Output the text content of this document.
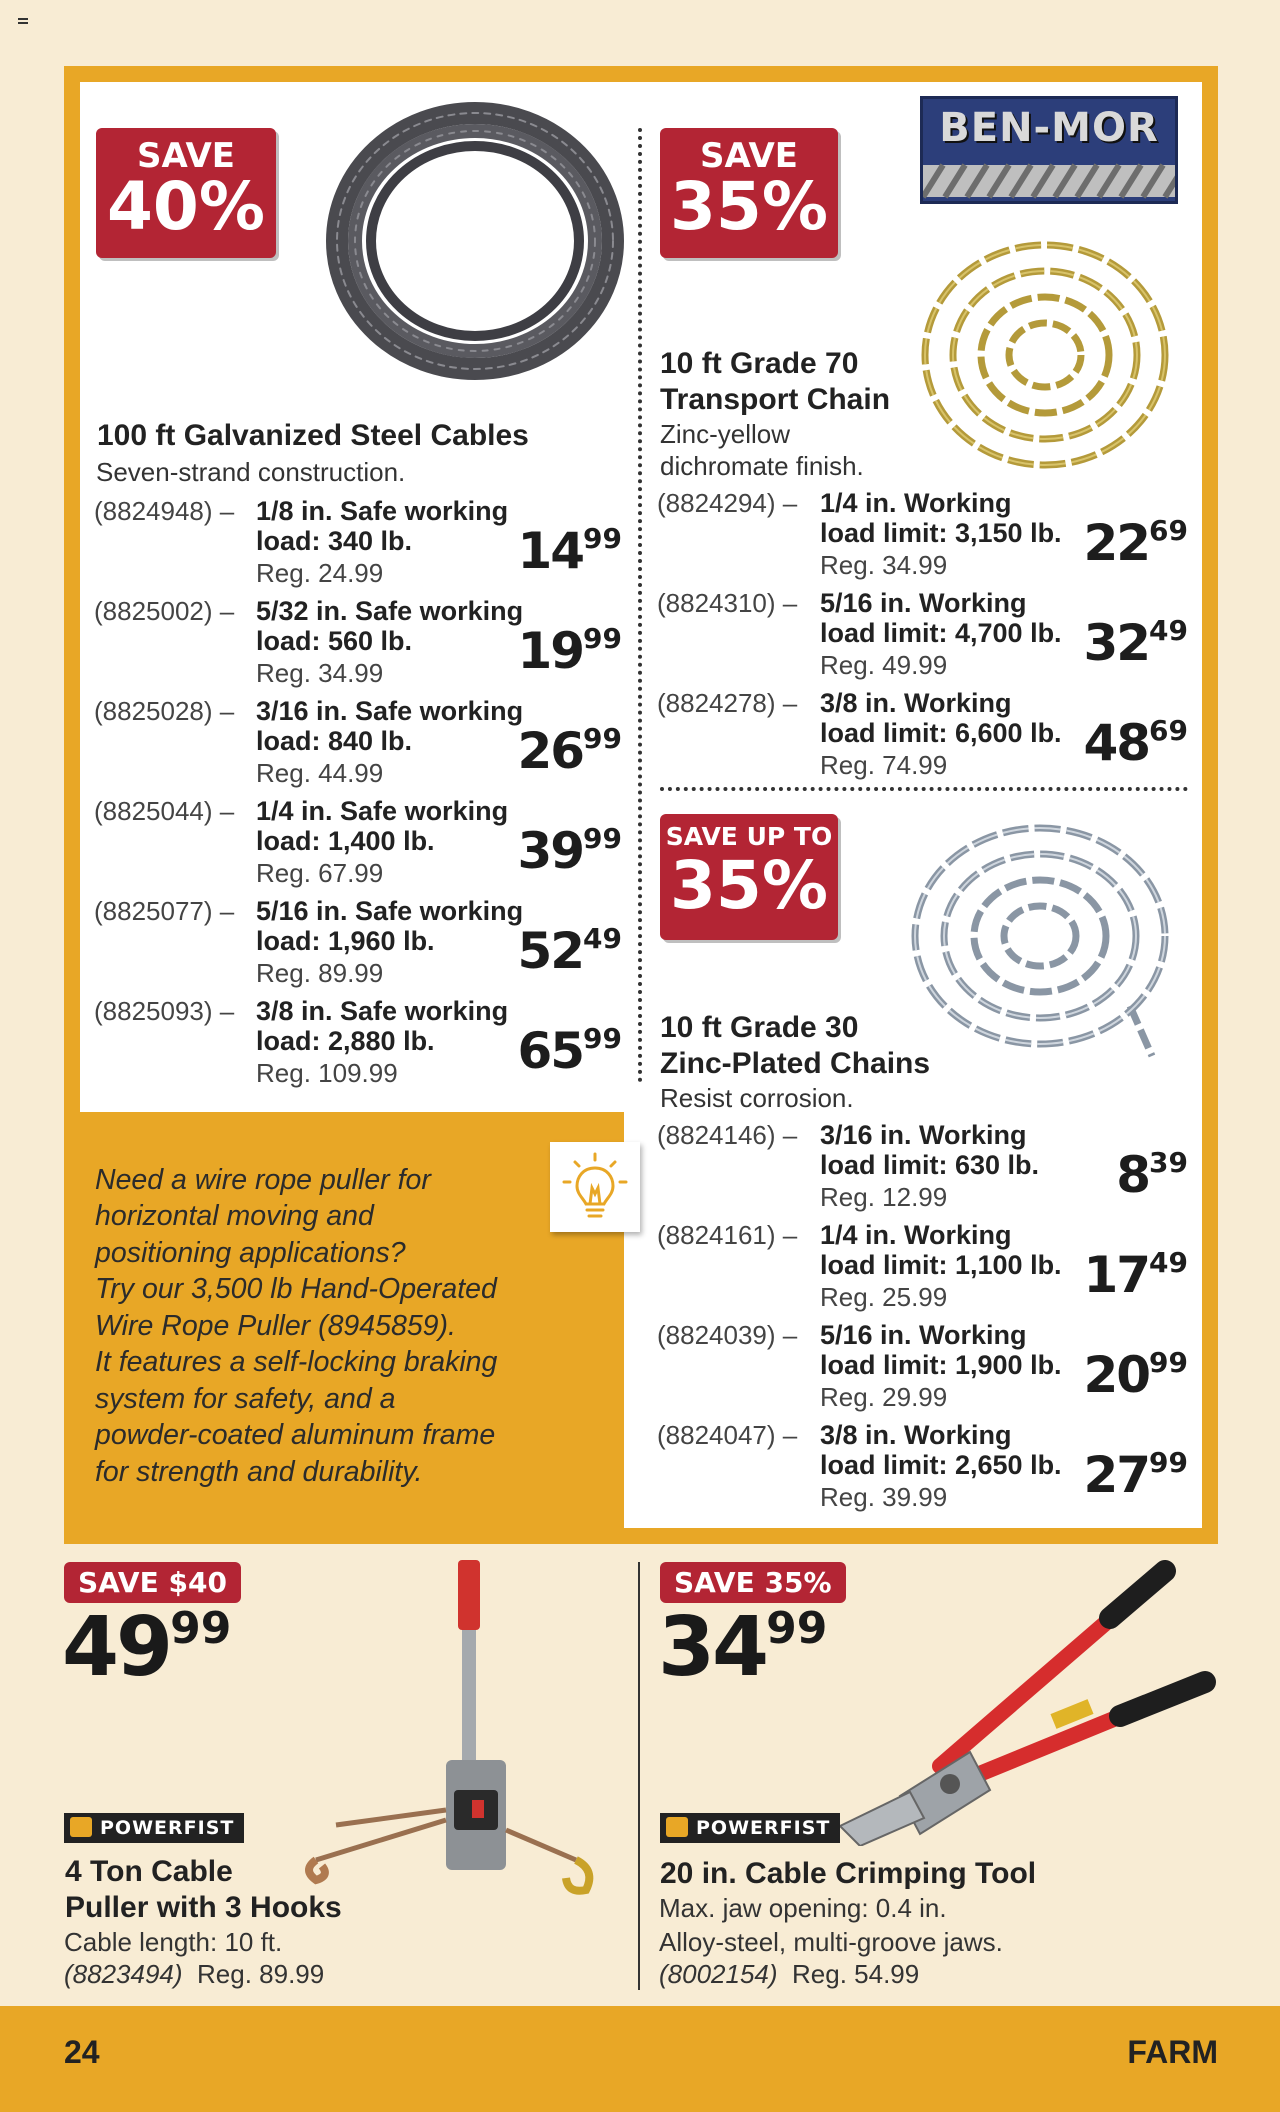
SAVE
40%
100 ft Galvanized Steel Cables
Seven-strand construction.
(8824948) – 1/8 in. Safe working
load: 340 lb.
Reg. 24.99	1499
(8825002) – 5/32 in. Safe working
load: 560 lb.
Reg. 34.99	1999
(8825028) – 3/16 in. Safe working
load: 840 lb.
Reg. 44.99	2699
(8825044) – 1/4 in. Safe working
load: 1,400 lb.
Reg. 67.99	3999
(8825077) – 5/16 in. Safe working
load: 1,960 lb.
Reg. 89.99	5249
(8825093) – 3/8 in. Safe working
load: 2,880 lb.
Reg. 109.99 6599
SAVE
35%
BEN-MOR
10 ft Grade 70
Transport Chain
Zinc-yellow
dichromate finish.
(8824294) – 1/4 in. Working
load limit: 3,150 lb.
Reg. 34.99	2269
(8824310) – 5/16 in. Working
load limit: 4,700 lb.
Reg. 49.99	3249
(8824278) – 3/8 in. Working
load limit: 6,600 lb.
Reg. 74.99	4869
SAVE UP TO
35%
10 ft Grade 30
Zinc-Plated Chains
Resist corrosion.
(8824146) – 3/16 in. Working
load limit: 630 lb.
Reg. 12.99	839
(8824161) – 1/4 in. Working
load limit: 1,100 lb.
Reg. 25.99	1749
(8824039) – 5/16 in. Working
load limit: 1,900 lb.
Reg. 29.99	2099
(8824047) – 3/8 in. Working
load limit: 2,650 lb.
Reg. 39.99	2799
Need a wire rope puller for
horizontal moving and
positioning applications?
Try our 3,500 lb Hand-Operated
Wire Rope Puller (8945859).
It features a self-locking braking
system for safety, and a
powder-coated aluminum frame
for strength and durability.
SAVE $40
4999
POWERFIST
4 Ton Cable
Puller with 3 Hooks
Cable length: 10 ft.
(8823494) Reg. 89.99
SAVE 35%
3499
POWERFIST
20 in. Cable Crimping Tool
Max. jaw opening: 0.4 in.
Alloy-steel, multi-groove jaws.
(8002154) Reg. 54.99
24	FARM
